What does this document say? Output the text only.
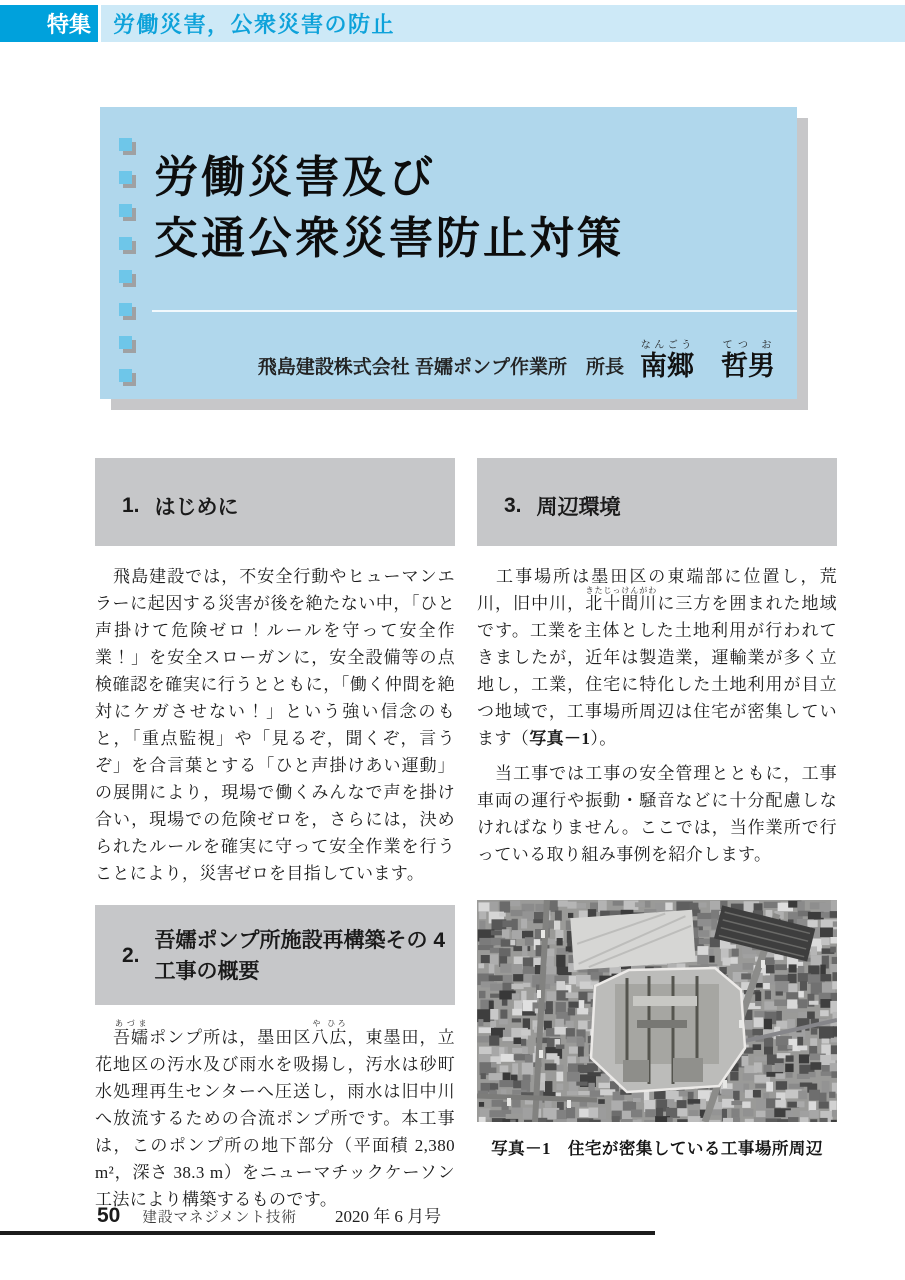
特集	労働災害，公衆災害の防止
労働災害及び
交通公衆災害防止対策
飛島建設株式会社 吾嬬ポンプ作業所　所長 南郷なんごう　哲男てつ お
1. はじめに

　飛島建設では，不安全行動やヒューマンエラーに起因する災害が後を絶たない中，「ひと声掛けて危険ゼロ！ルールを守って安全作業！」を安全スローガンに，安全設備等の点検確認を確実に行うとともに，「働く仲間を絶対にケガさせない！」という強い信念のもと，「重点監視」や「見るぞ，聞くぞ，言うぞ」を合言葉とする「ひと声掛けあい運動」の展開により，現場で働くみんなで声を掛け合い，現場での危険ゼロを，さらには，決められたルールを確実に守って安全作業を行うことにより，災害ゼロを目指しています。

2.
吾嬬ポンプ所施設再構築その 4
工事の概要

　吾嬬あづまポンプ所は，墨田区八広や ひろ，東墨田，立花地区の汚水及び雨水を吸揚し，汚水は砂町水処理再生センターへ圧送し，雨水は旧中川へ放流するための合流ポンプ所です。本工事は，このポンプ所の地下部分（平面積 2,380 m²，深さ 38.3 m）をニューマチックケーソン工法により構築するものです。

3. 周辺環境

　工事場所は墨田区の東端部に位置し，荒川，旧中川，北十間川きたじっけんがわに三方を囲まれた地域です。工業を主体とした土地利用が行われてきましたが，近年は製造業，運輸業が多く立地し，工業，住宅に特化した土地利用が目立つ地域で，工事場所周辺は住宅が密集しています（写真－1）。

　当工事では工事の安全管理とともに，工事車両の運行や振動・騒音などに十分配慮しなければなりません。ここでは，当作業所で行っている取り組み事例を紹介します。

写真－1　住宅が密集している工事場所周辺
50 建設マネジメント技術 2020 年 6 月号
